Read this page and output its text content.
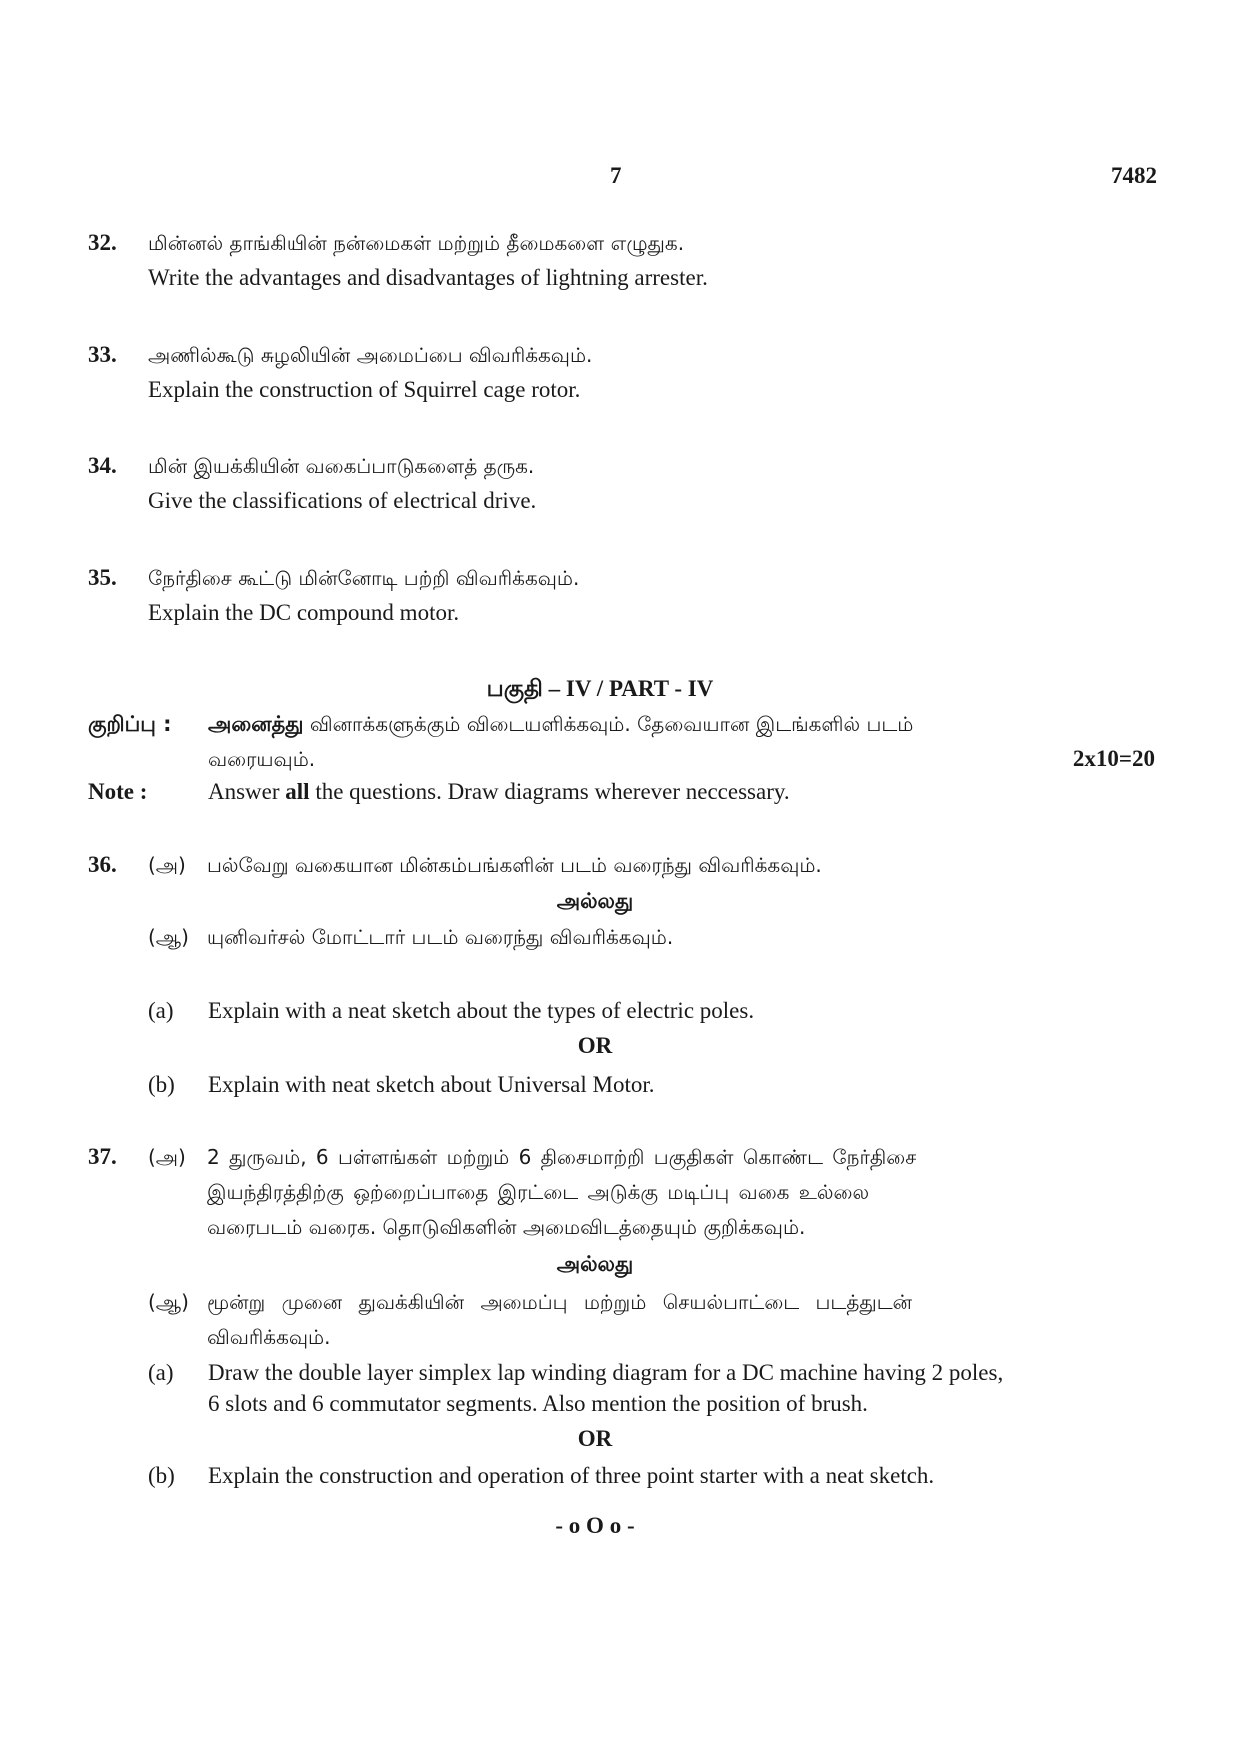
7	7482
32. மின்னல் தாங்கியின் நன்மைகள் மற்றும் தீமைகளை எழுதுக.
Write the advantages and disadvantages of lightning arrester.
33. அணில்கூடு சுழலியின் அமைப்பை விவரிக்கவும்.
Explain the construction of Squirrel cage rotor.
34. மின் இயக்கியின் வகைப்பாடுகளைத் தருக.
Give the classifications of electrical drive.
35. நேர்திசை கூட்டு மின்னோடி பற்றி விவரிக்கவும்.
Explain the DC compound motor.
பகுதி – IV / PART - IV
குறிப்பு : அனைத்து வினாக்களுக்கும் விடையளிக்கவும். தேவையான இடங்களில் படம்
வரையவும்.	2x10=20
Note :	Answer all the questions. Draw diagrams wherever neccessary.
36. (அ) பல்வேறு வகையான மின்கம்பங்களின் படம் வரைந்து விவரிக்கவும்.
அல்லது
(ஆ) யுனிவர்சல் மோட்டார் படம் வரைந்து விவரிக்கவும்.
(a) Explain with a neat sketch about the types of electric poles.
OR
(b) Explain with neat sketch about Universal Motor.
37. (அ) 2 துருவம், 6 பள்ளங்கள் மற்றும் 6 திசைமாற்றி பகுதிகள் கொண்ட நேர்திசை
இயந்திரத்திற்கு ஒற்றைப்பாதை இரட்டை அடுக்கு மடிப்பு வகை உல்லை
வரைபடம் வரைக. தொடுவிகளின் அமைவிடத்தையும் குறிக்கவும்.
அல்லது
(ஆ) மூன்று முனை துவக்கியின் அமைப்பு மற்றும் செயல்பாட்டை படத்துடன்
விவரிக்கவும்.
(a) Draw the double layer simplex lap winding diagram for a DC machine having 2 poles,
6 slots and 6 commutator segments. Also mention the position of brush.
OR
(b) Explain the construction and operation of three point starter with a neat sketch.
- o O o -
